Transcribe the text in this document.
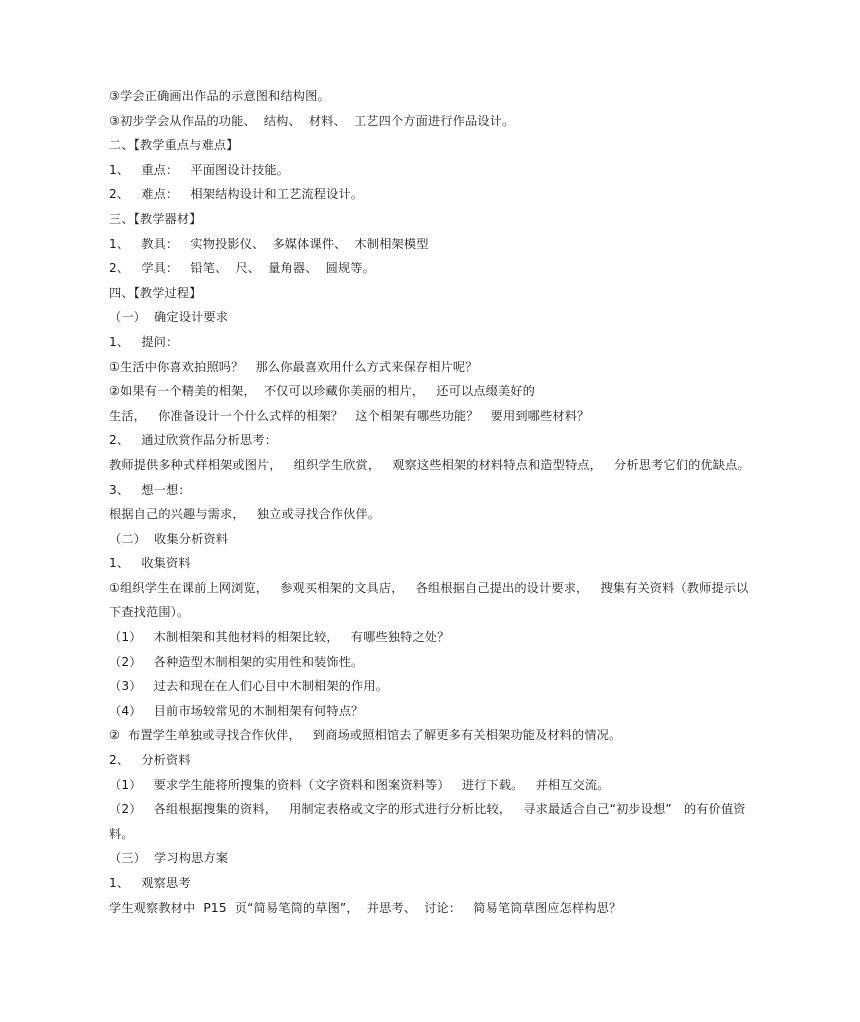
③学会正确画出作品的示意图和结构图。
③初步学会从作品的功能、  结构、  材料、  工艺四个方面进行作品设计。
二、【教学重点与难点】
1、   重点：   平面图设计技能。
2、   难点：   相架结构设计和工艺流程设计。
三、【教学器材】
1、   教具：   实物投影仪、  多媒体课件、  木制相架模型
2、   学具：   铅笔、  尺、  量角器、  圆规等。
四、【教学过程】
（一）  确定设计要求
1、   提问：
①生活中你喜欢拍照吗？   那么你最喜欢用什么方式来保存相片呢？
②如果有一个精美的相架，  不仅可以珍藏你美丽的相片，   还可以点缀美好的
生活，   你准备设计一个什么式样的相架？   这个相架有哪些功能？   要用到哪些材料？
2、   通过欣赏作品分析思考：
教师提供多种式样相架或图片，   组织学生欣赏，   观察这些相架的材料特点和造型特点，   分析思考它们的优缺点。
3、   想一想：
根据自己的兴趣与需求，   独立或寻找合作伙伴。
（二）  收集分析资料
1、   收集资料
①组织学生在课前上网浏览，   参观买相架的文具店，   各组根据自己提出的设计要求，   搜集有关资料（教师提示以
下查找范围）。
（1）   木制相架和其他材料的相架比较，   有哪些独特之处？
（2）   各种造型木制相架的实用性和装饰性。
（3）   过去和现在在人们心目中木制相架的作用。
（4）   目前市场较常见的木制相架有何特点？
②  布置学生单独或寻找合作伙伴，   到商场或照相馆去了解更多有关相架功能及材料的情况。
2、   分析资料
（1）   要求学生能将所搜集的资料（文字资料和图案资料等）   进行下载。   并相互交流。
（2）   各组根据搜集的资料，   用制定表格或文字的形式进行分析比较，   寻求最适合自己“初步设想”   的有价值资
料。
（三）  学习构思方案
1、   观察思考
学生观察教材中  P15  页“简易笔筒的草图”，  并思考、  讨论：   简易笔筒草图应怎样构思？
